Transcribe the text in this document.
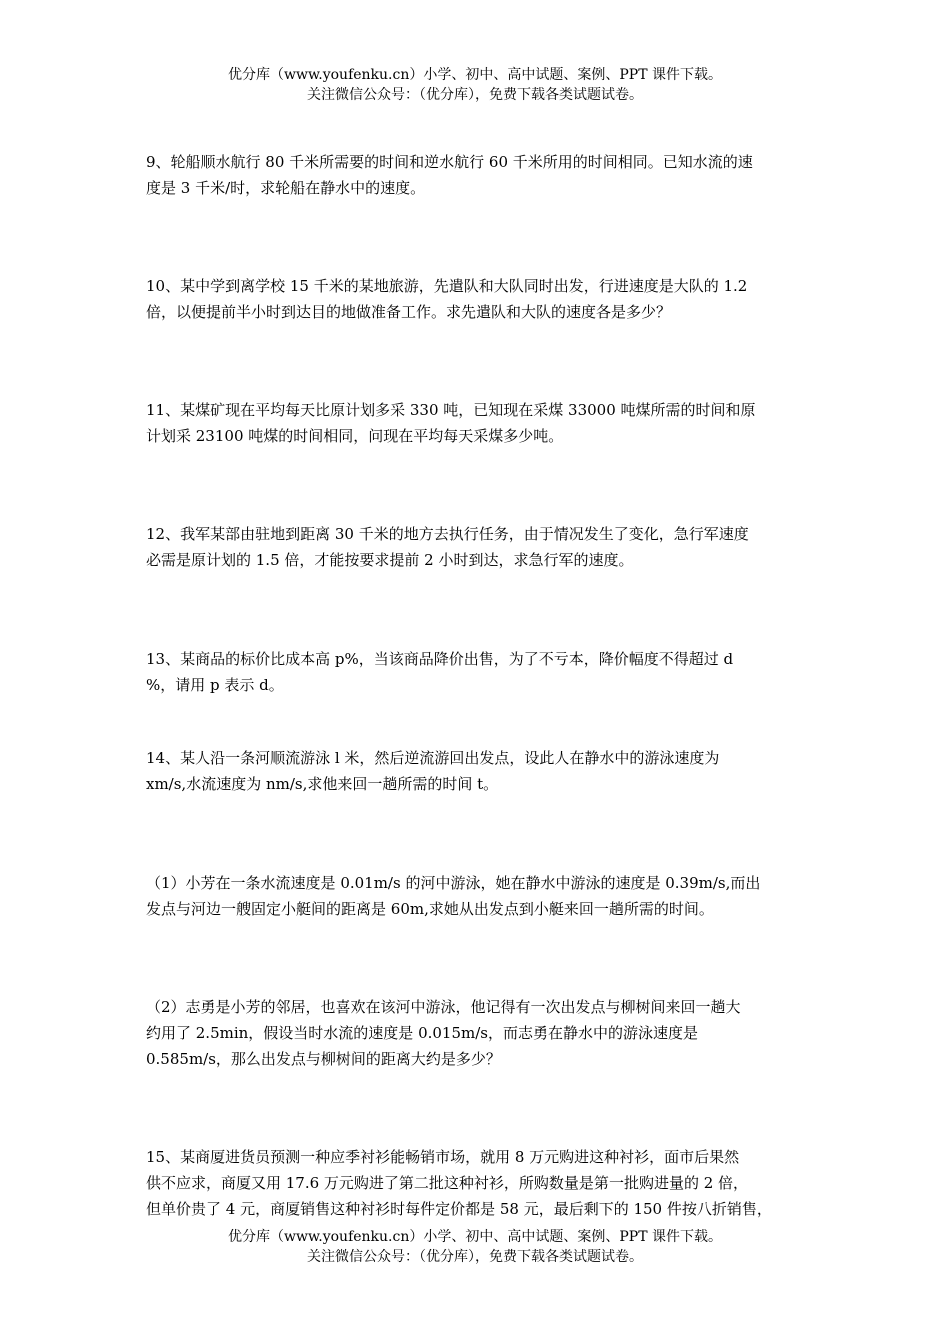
优分库（www.youfenku.cn）小学、初中、高中试题、案例、PPT 课件下载。
关注微信公众号：（优分库），免费下载各类试题试卷。

9、轮船顺水航行 80 千米所需要的时间和逆水航行 60 千米所用的时间相同。已知水流的速

度是 3 千米/时，求轮船在静水中的速度。

10、某中学到离学校 15 千米的某地旅游，先遣队和大队同时出发，行进速度是大队的 1.2

倍，以便提前半小时到达目的地做准备工作。求先遣队和大队的速度各是多少？

11、某煤矿现在平均每天比原计划多采 330 吨，已知现在采煤 33000 吨煤所需的时间和原

计划采 23100 吨煤的时间相同，问现在平均每天采煤多少吨。

12、我军某部由驻地到距离 30 千米的地方去执行任务，由于情况发生了变化，急行军速度

必需是原计划的 1.5 倍，才能按要求提前 2 小时到达，求急行军的速度。

13、某商品的标价比成本高 p%，当该商品降价出售，为了不亏本，降价幅度不得超过 d

%，请用 p 表示 d。

14、某人沿一条河顺流游泳 l 米，然后逆流游回出发点，设此人在静水中的游泳速度为

xm/s,水流速度为 nm/s,求他来回一趟所需的时间 t。

（1）小芳在一条水流速度是 0.01m/s 的河中游泳，她在静水中游泳的速度是 0.39m/s,而出

发点与河边一艘固定小艇间的距离是 60m,求她从出发点到小艇来回一趟所需的时间。

（2）志勇是小芳的邻居，也喜欢在该河中游泳，他记得有一次出发点与柳树间来回一趟大

约用了 2.5min，假设当时水流的速度是 0.015m/s，而志勇在静水中的游泳速度是

0.585m/s，那么出发点与柳树间的距离大约是多少？

15、某商厦进货员预测一种应季衬衫能畅销市场，就用 8 万元购进这种衬衫，面市后果然

供不应求，商厦又用 17.6 万元购进了第二批这种衬衫，所购数量是第一批购进量的 2 倍，

但单价贵了 4 元，商厦销售这种衬衫时每件定价都是 58 元，最后剩下的 150 件按八折销售，

优分库（www.youfenku.cn）小学、初中、高中试题、案例、PPT 课件下载。
关注微信公众号：（优分库），免费下载各类试题试卷。
